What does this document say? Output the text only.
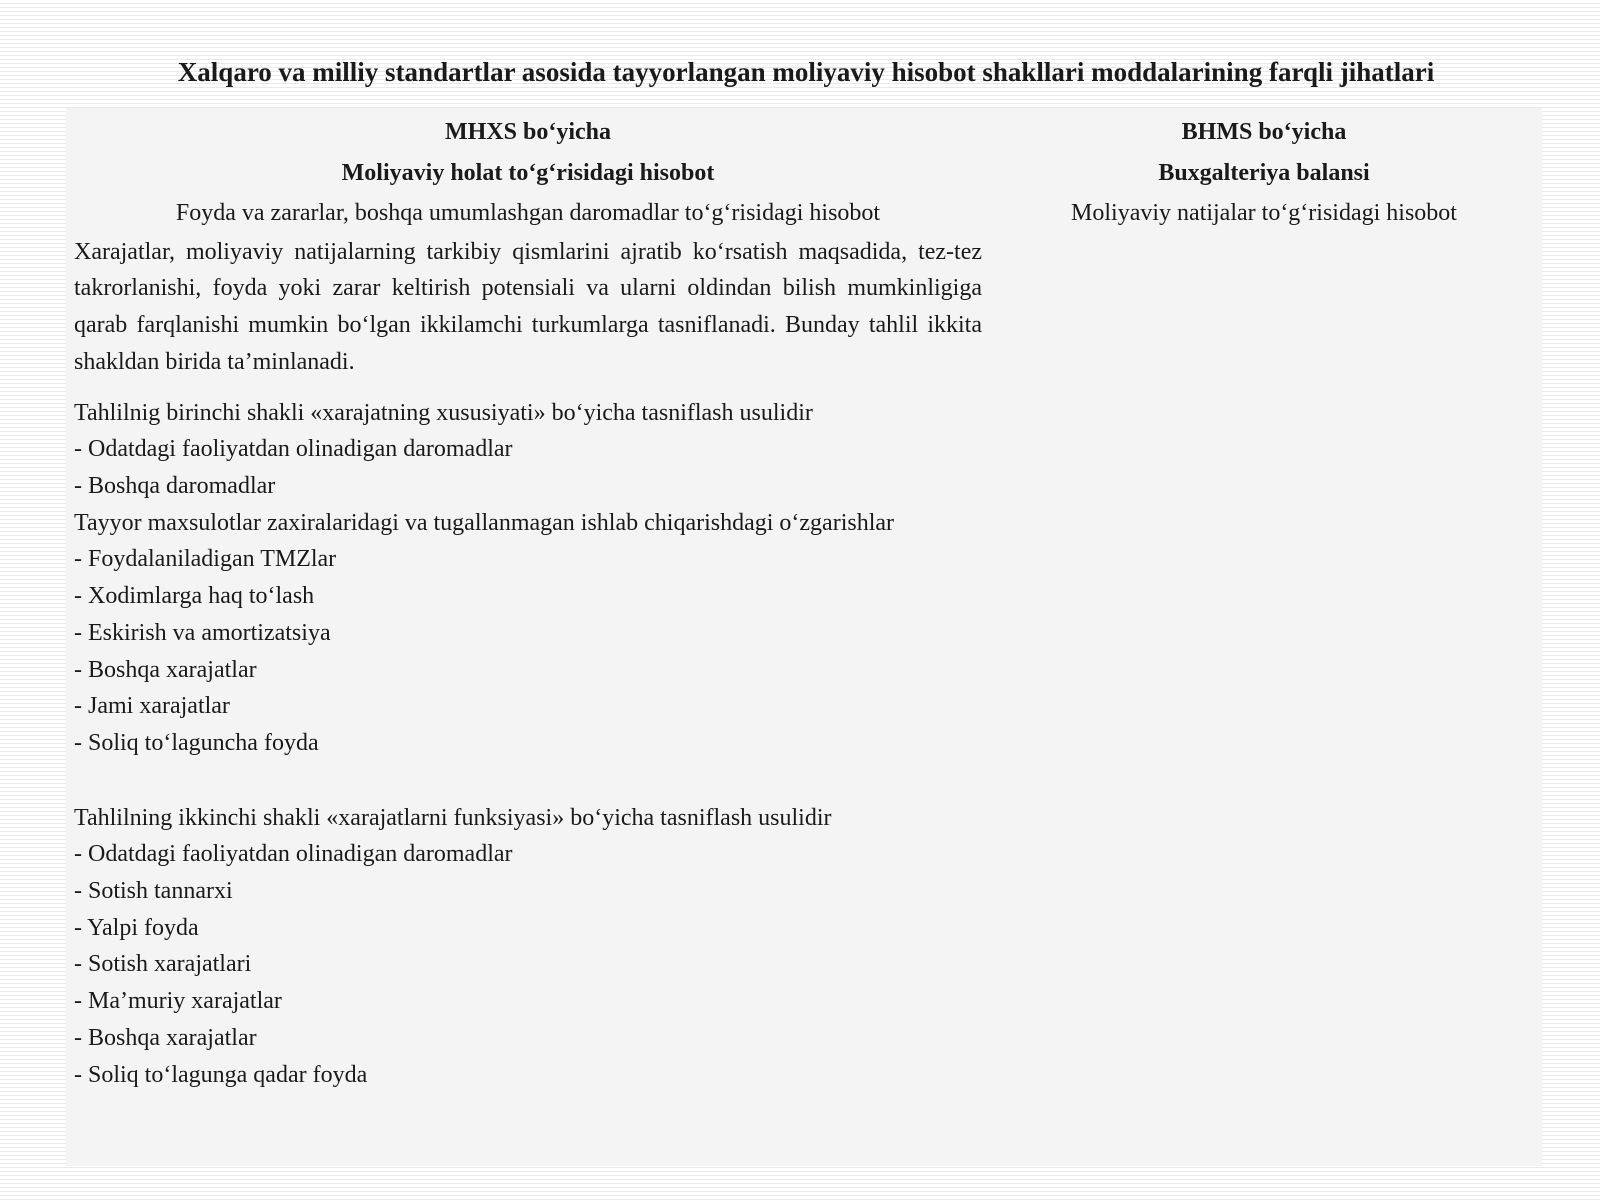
Xalqaro va milliy standartlar asosida tayyorlangan moliyaviy hisobot shakllari moddalarining farqli jihatlari

MHXS bo‘yicha

Moliyaviy holat to‘g‘risidagi hisobot

Foyda va zararlar, boshqa umumlashgan daromadlar to‘g‘risidagi hisobot

Xarajatlar, moliyaviy natijalarning tarkibiy qismlarini ajratib ko‘rsatish maqsadida, tez-tez takrorlanishi, foyda yoki zarar keltirish potensiali va ularni oldindan bilish mumkinligiga qarab farqlanishi mumkin bo‘lgan ikkilamchi turkumlarga tasniflanadi. Bunday tahlil ikkita shakldan birida ta’minlanadi.

Tahlilnig birinchi shakli «xarajatning xususiyati» bo‘yicha tasniflash usulidir

- Odatdagi faoliyatdan olinadigan daromadlar

- Boshqa daromadlar

Tayyor maxsulotlar zaxiralaridagi va tugallanmagan ishlab chiqarishdagi o‘zgarishlar

- Foydalaniladigan TMZlar

- Xodimlarga haq to‘lash

- Eskirish va amortizatsiya

- Boshqa xarajatlar

- Jami xarajatlar

- Soliq to‘laguncha foyda

Tahlilning ikkinchi shakli «xarajatlarni funksiyasi» bo‘yicha tasniflash usulidir

- Odatdagi faoliyatdan olinadigan daromadlar

- Sotish tannarxi

- Yalpi foyda

- Sotish xarajatlari

- Ma’muriy xarajatlar

- Boshqa xarajatlar

- Soliq to‘lagunga qadar foyda

BHMS bo‘yicha

Buxgalteriya balansi

Moliyaviy natijalar to‘g‘risidagi hisobot
